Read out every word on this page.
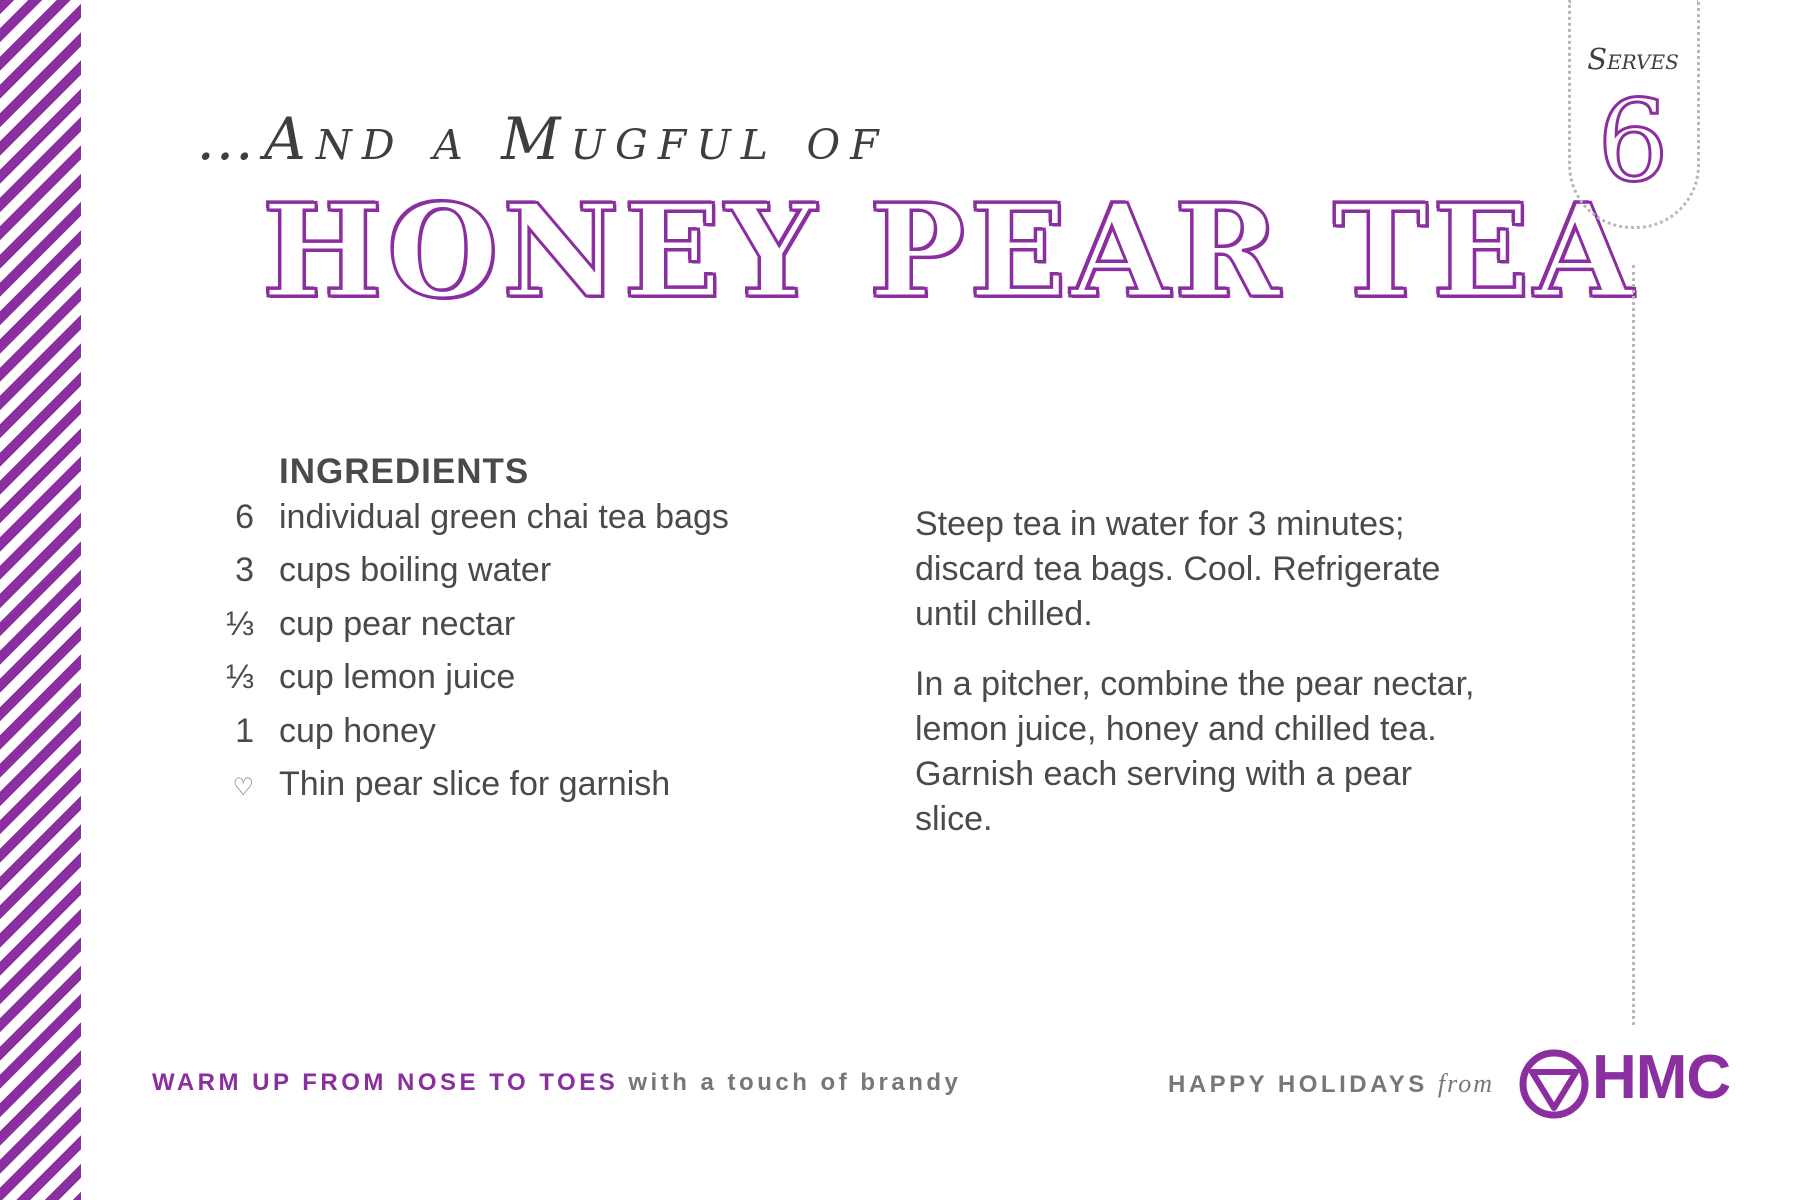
…And a Mugful of
HONEY PEAR TEA
Serves
6
INGREDIENTS
6 individual green chai tea bags
3 cups boiling water
⅓ cup pear nectar
⅓ cup lemon juice
1 cup honey
♡ Thin pear slice for garnish

Steep tea in water for 3 minutes; discard tea bags. Cool. Refrigerate until chilled.

In a pitcher, combine the pear nectar, lemon juice, honey and chilled tea. Garnish each serving with a pear slice.

WARM UP FROM NOSE TO TOES with a touch of brandy	HAPPY HOLIDAYS from HMC
